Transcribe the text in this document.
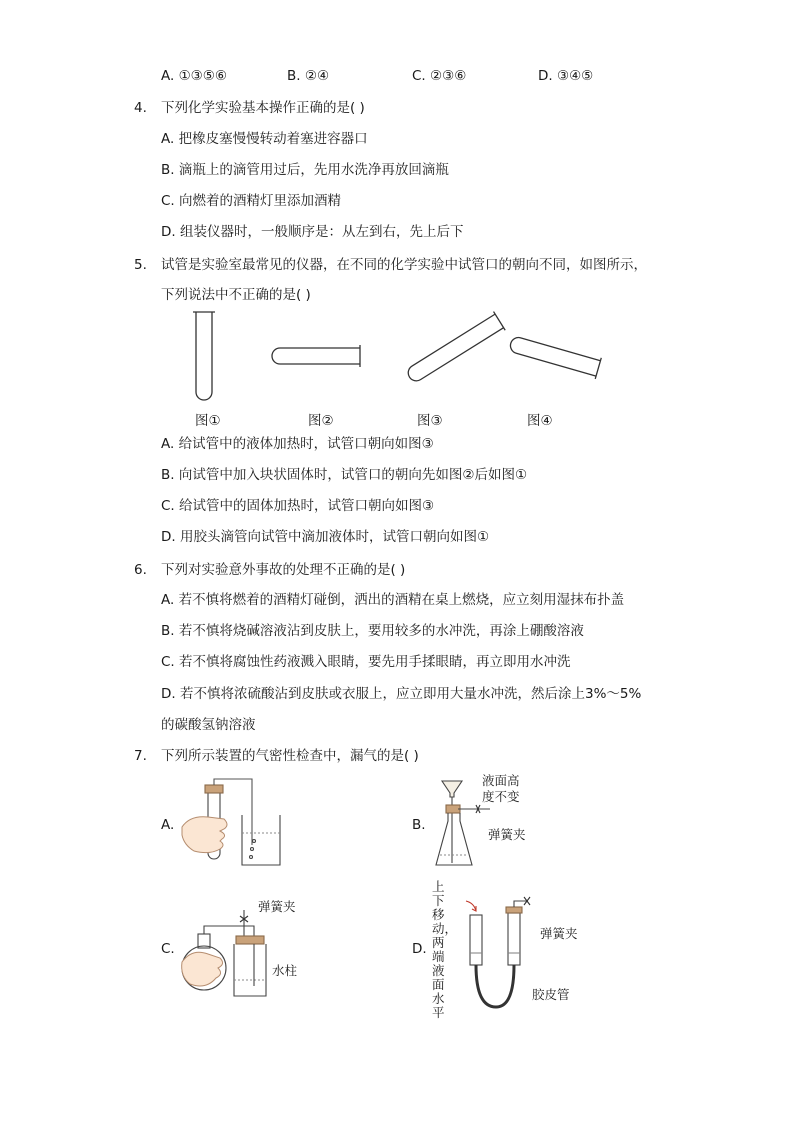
A. ①③⑤⑥	B. ②④	C. ②③⑥	D. ③④⑤
4. 下列化学实验基本操作正确的是( )
A. 把橡皮塞慢慢转动着塞进容器口
B. 滴瓶上的滴管用过后，先用水洗净再放回滴瓶
C. 向燃着的酒精灯里添加酒精
D. 组装仪器时，一般顺序是：从左到右，先上后下
5. 试管是实验室最常见的仪器，在不同的化学实验中试管口的朝向不同，如图所示，
下列说法中不正确的是( )
图①	图②	图③	图④
A. 给试管中的液体加热时，试管口朝向如图③
B. 向试管中加入块状固体时，试管口的朝向先如图②后如图①
C. 给试管中的固体加热时，试管口朝向如图③
D. 用胶头滴管向试管中滴加液体时，试管口朝向如图①
6. 下列对实验意外事故的处理不正确的是( )
A. 若不慎将燃着的酒精灯碰倒，洒出的酒精在桌上燃烧，应立刻用湿抹布扑盖
B. 若不慎将烧碱溶液沾到皮肤上，要用较多的水冲洗，再涂上硼酸溶液
C. 若不慎将腐蚀性药液溅入眼睛，要先用手揉眼睛，再立即用水冲洗
D. 若不慎将浓硫酸沾到皮肤或衣服上，应立即用大量水冲洗，然后涂上3%～5%
的碳酸氢钠溶液
7. 下列所示装置的气密性检查中，漏气的是( )
A.	B.
C.	D.
液面高
度不变
弹簧夹
弹簧夹
水柱
上下移动，两端液面水平
弹簧夹
胶皮管
